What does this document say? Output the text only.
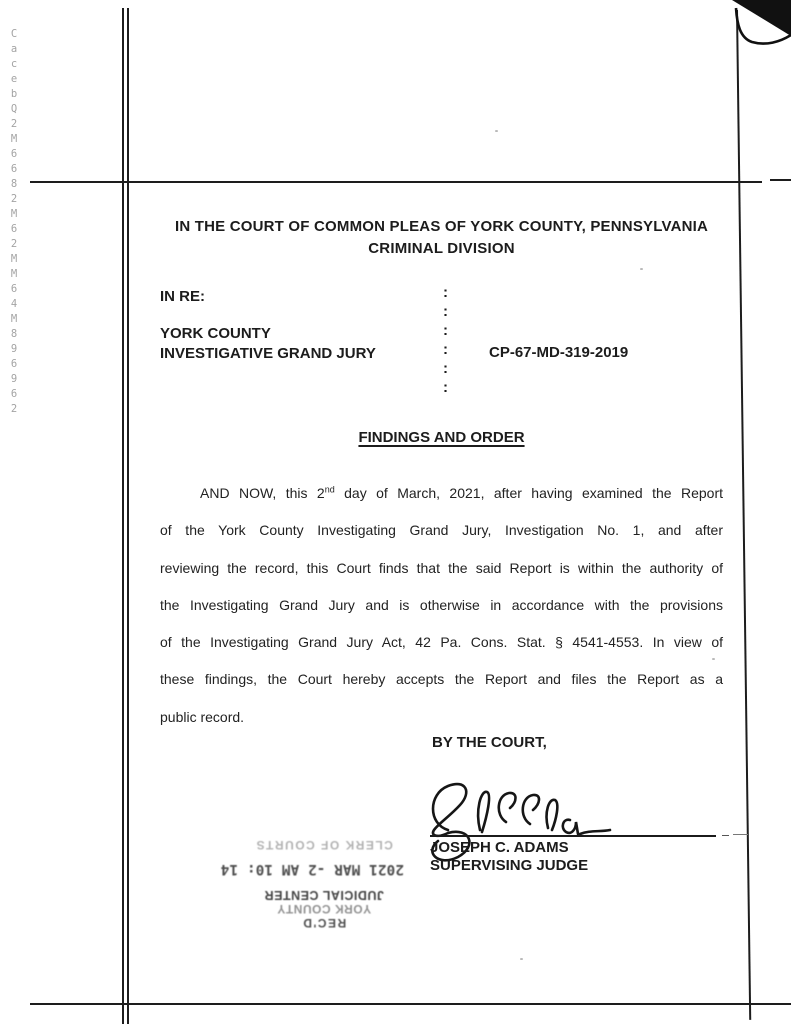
CacebQ2M6682M62MM64M896962	IN THE COURT OF COMMON PLEAS OF YORK COUNTY, PENNSYLVANIA
CRIMINAL DIVISION
IN RE:
YORK COUNTY
INVESTIGATIVE GRAND JURY
:
:
:
:
:
:
CP-67-MD-319-2019
FINDINGS AND ORDER
AND NOW, this 2nd day of March, 2021, after having examined the Report
of the York County Investigating Grand Jury, Investigation No. 1, and after
reviewing the record, this Court finds that the said Report is within the authority of
the Investigating Grand Jury and is otherwise in accordance with the provisions
of the Investigating Grand Jury Act, 42 Pa. Cons. Stat. § 4541-4553. In view of
these findings, the Court hereby accepts the Report and files the Report as a
public record.
BY THE COURT,
JOSEPH C. ADAMS
SUPERVISING JUDGE
REC'D
YORK COUNTY
JUDICIAL CENTER
2021 MAR -2 AM 10: 14
CLERK OF COURTS
